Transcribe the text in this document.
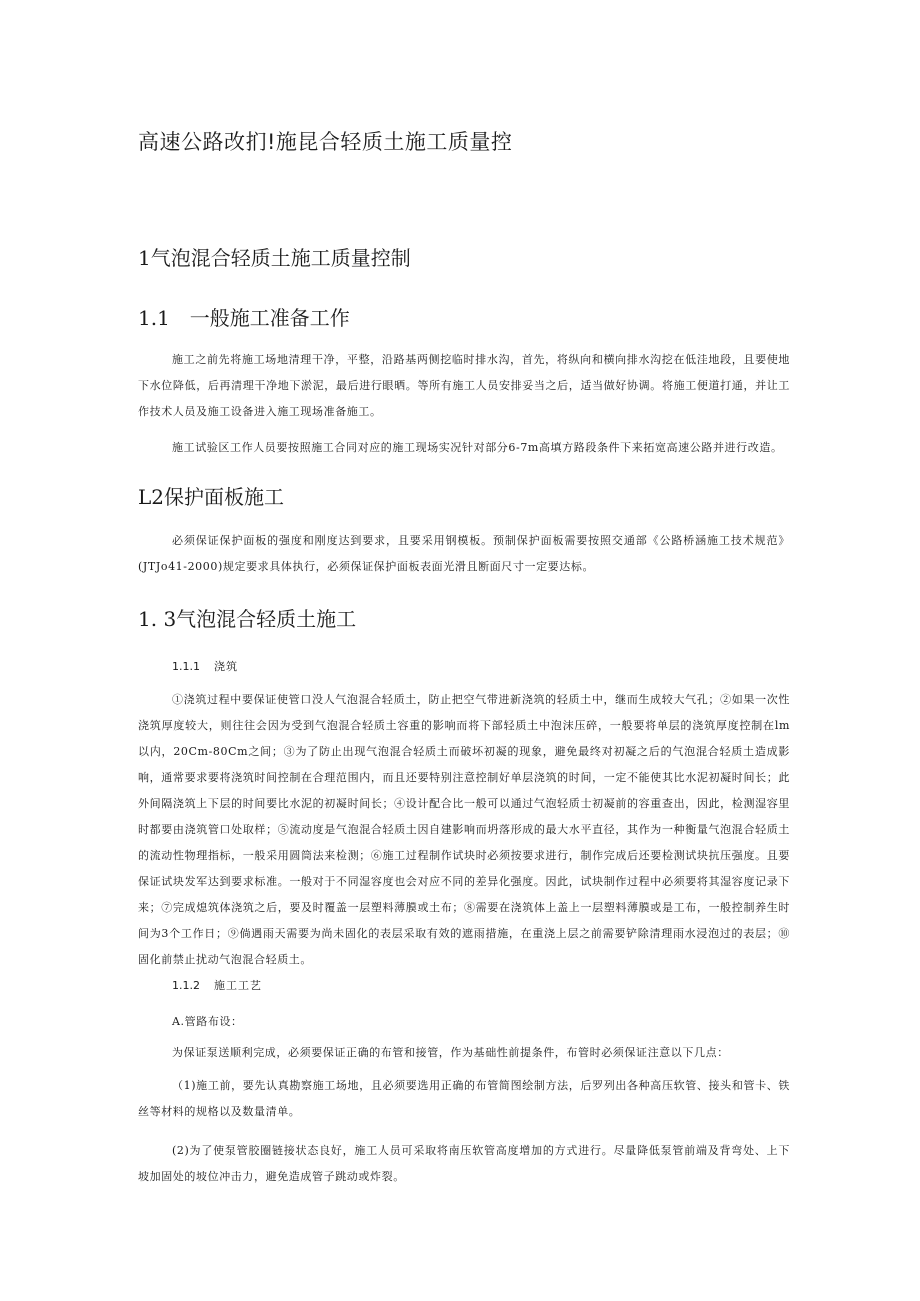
高速公路改扪!施昆合轻质土施工质量控
1气泡混合轻质土施工质量控制
1.1　一般施工准备工作

施工之前先将施工场地清理干净，平整，沿路基两侧挖临时排水沟，首先，将纵向和横向排水沟挖在低洼地段，且要使地下水位降低，后再清理干净地下淤泥，最后进行眼晒。等所有施工人员安排妥当之后，适当做好协调。将施工便道打通，并让工作技术人员及施工设备进入施工现场准备施工。

施工试验区工作人员要按照施工合同对应的施工现场实况针对部分6-7m高填方路段条件下来拓宽高速公路并进行改造。

L2保护面板施工

必须保证保护面板的强度和刚度达到要求，且要采用钢模板。预制保护面板需要按照交通部《公路桥涵施工技术规范》(JTJo41-2000)规定要求具体执行，必须保证保护面板表面光滑且断面尺寸一定要达标。

1. 3气泡混合轻质土施工
1.1.1 浇筑

①浇筑过程中要保证使管口没人气泡混合轻质土，防止把空气带进新浇筑的轻质土中，继而生成较大气孔；②如果一次性浇筑厚度较大，则往往会因为受到气泡混合轻质土容重的影响而将下部轻质土中泡沫压碎，一般要将单层的浇筑厚度控制在lm以内，20Cm-80Cm之间；③为了防止出现气泡混合轻质土而破坏初凝的现象，避免最终对初凝之后的气泡混合轻质土造成影响，通常要求要将浇筑时间控制在合理范围内，而且还要特别注意控制好单层浇筑的时间，一定不能使其比水泥初凝时间长；此外间隔浇筑上下层的时间要比水泥的初凝时间长；④设计配合比一般可以通过气泡轻质士初凝前的容重查出，因此，检测湿容里时都要由浇筑管口处取样；⑤流动度是气泡混合轻质土因自建影响而坍落形成的最大水平直径，其作为一种衡量气泡混合轻质土的流动性物理指标，一般采用圆筒法来检测；⑥施工过程制作试块时必须按要求进行，制作完成后还要检测试块抗压强度。且要保证试块发军达到要求标准。一般对于不同湿容度也会对应不同的差异化强度。因此，试块制作过程中必须要将其湿容度记录下来；⑦完成熄筑体浇筑之后，要及时覆盖一层塑料薄膜或土布；⑧需要在浇筑体上盖上一层塑料薄膜或是工布，一般控制养生时间为3个工作日；⑨倘遇雨天需要为尚未固化的表层采取有效的遮雨措施，在重浇上层之前需要铲除清理雨水浸泡过的表层；⑩固化前禁止扰动气泡混合轻质土。

1.1.2 施工工艺
A.管路布设：

为保证泵送顺利完成，必须要保证正确的布管和接管，作为基础性前提条件，布管时必须保证注意以下几点：

（1)施工前，要先认真勘察施工场地，且必须要选用正确的布管简图绘制方法，后罗列出各种高压软管、接头和管卡、铁丝等材料的规格以及数量清单。

(2)为了使泵管胶圈链接状态良好，施工人员可采取将南压软管高度增加的方式进行。尽量降低泵管前端及背弯处、上下坡加固处的坡位冲击力，避免造成管子跳动或炸裂。
